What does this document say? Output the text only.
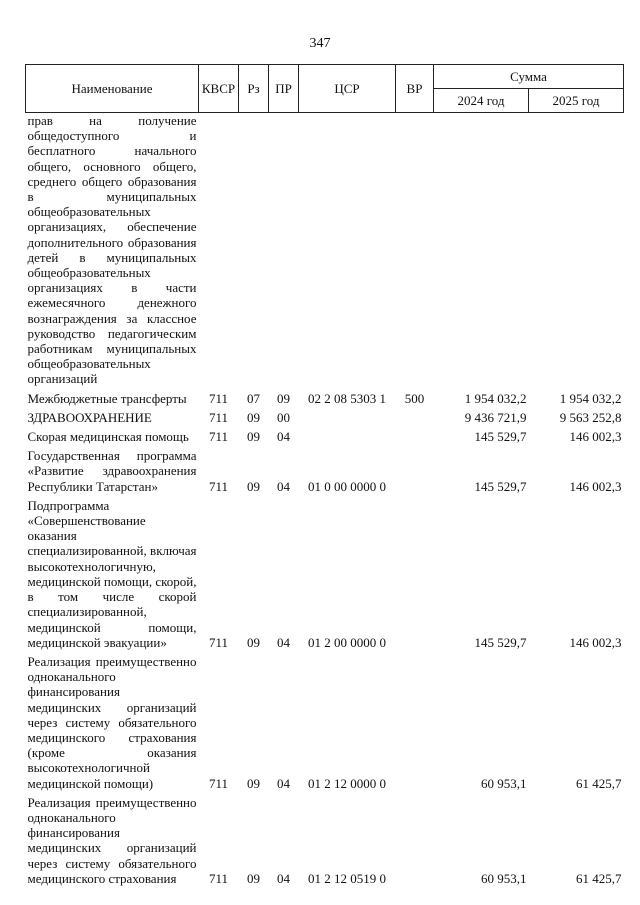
347
Наименование	КВСР	Рз	ПР	ЦСР	ВР	Сумма	
						2024 год	2025 год
прав на получение общедоступного и бесплатного начального общего, основного общего, среднего общего образования в муниципальных общеобразовательных организациях, обеспечение дополнительного образования детей в муниципальных общеобразовательных организациях в части ежемесячного денежного вознаграждения за классное руководство педагогическим работникам муниципальных общеобразовательных организаций							
Межбюджетные трансферты	711	07	09	02 2 08 5303 1	500	1 954 032,2	1 954 032,2
ЗДРАВООХРАНЕНИЕ	711	09	00			9 436 721,9	9 563 252,8
Скорая медицинская помощь	711	09	04			145 529,7	146 002,3
Государственная программа «Развитие здравоохранения Республики Татарстан»	711	09	04	01 0 00 0000 0		145 529,7	146 002,3
Подпрограмма «Совершенствование оказания специализированной, включая высокотехнологичную, медицинской помощи, скорой, в том числе скорой специализированной, медицинской помощи, медицинской эвакуации»	711	09	04	01 2 00 0000 0		145 529,7	146 002,3
Реализация преимущественно одноканального финансирования медицинских организаций через систему обязательного медицинского страхования (кроме оказания высокотехнологичной медицинской помощи)	711	09	04	01 2 12 0000 0		60 953,1	61 425,7
Реализация преимущественно одноканального финансирования медицинских организаций через систему обязательного медицинского страхования	711	09	04	01 2 12 0519 0		60 953,1	61 425,7
